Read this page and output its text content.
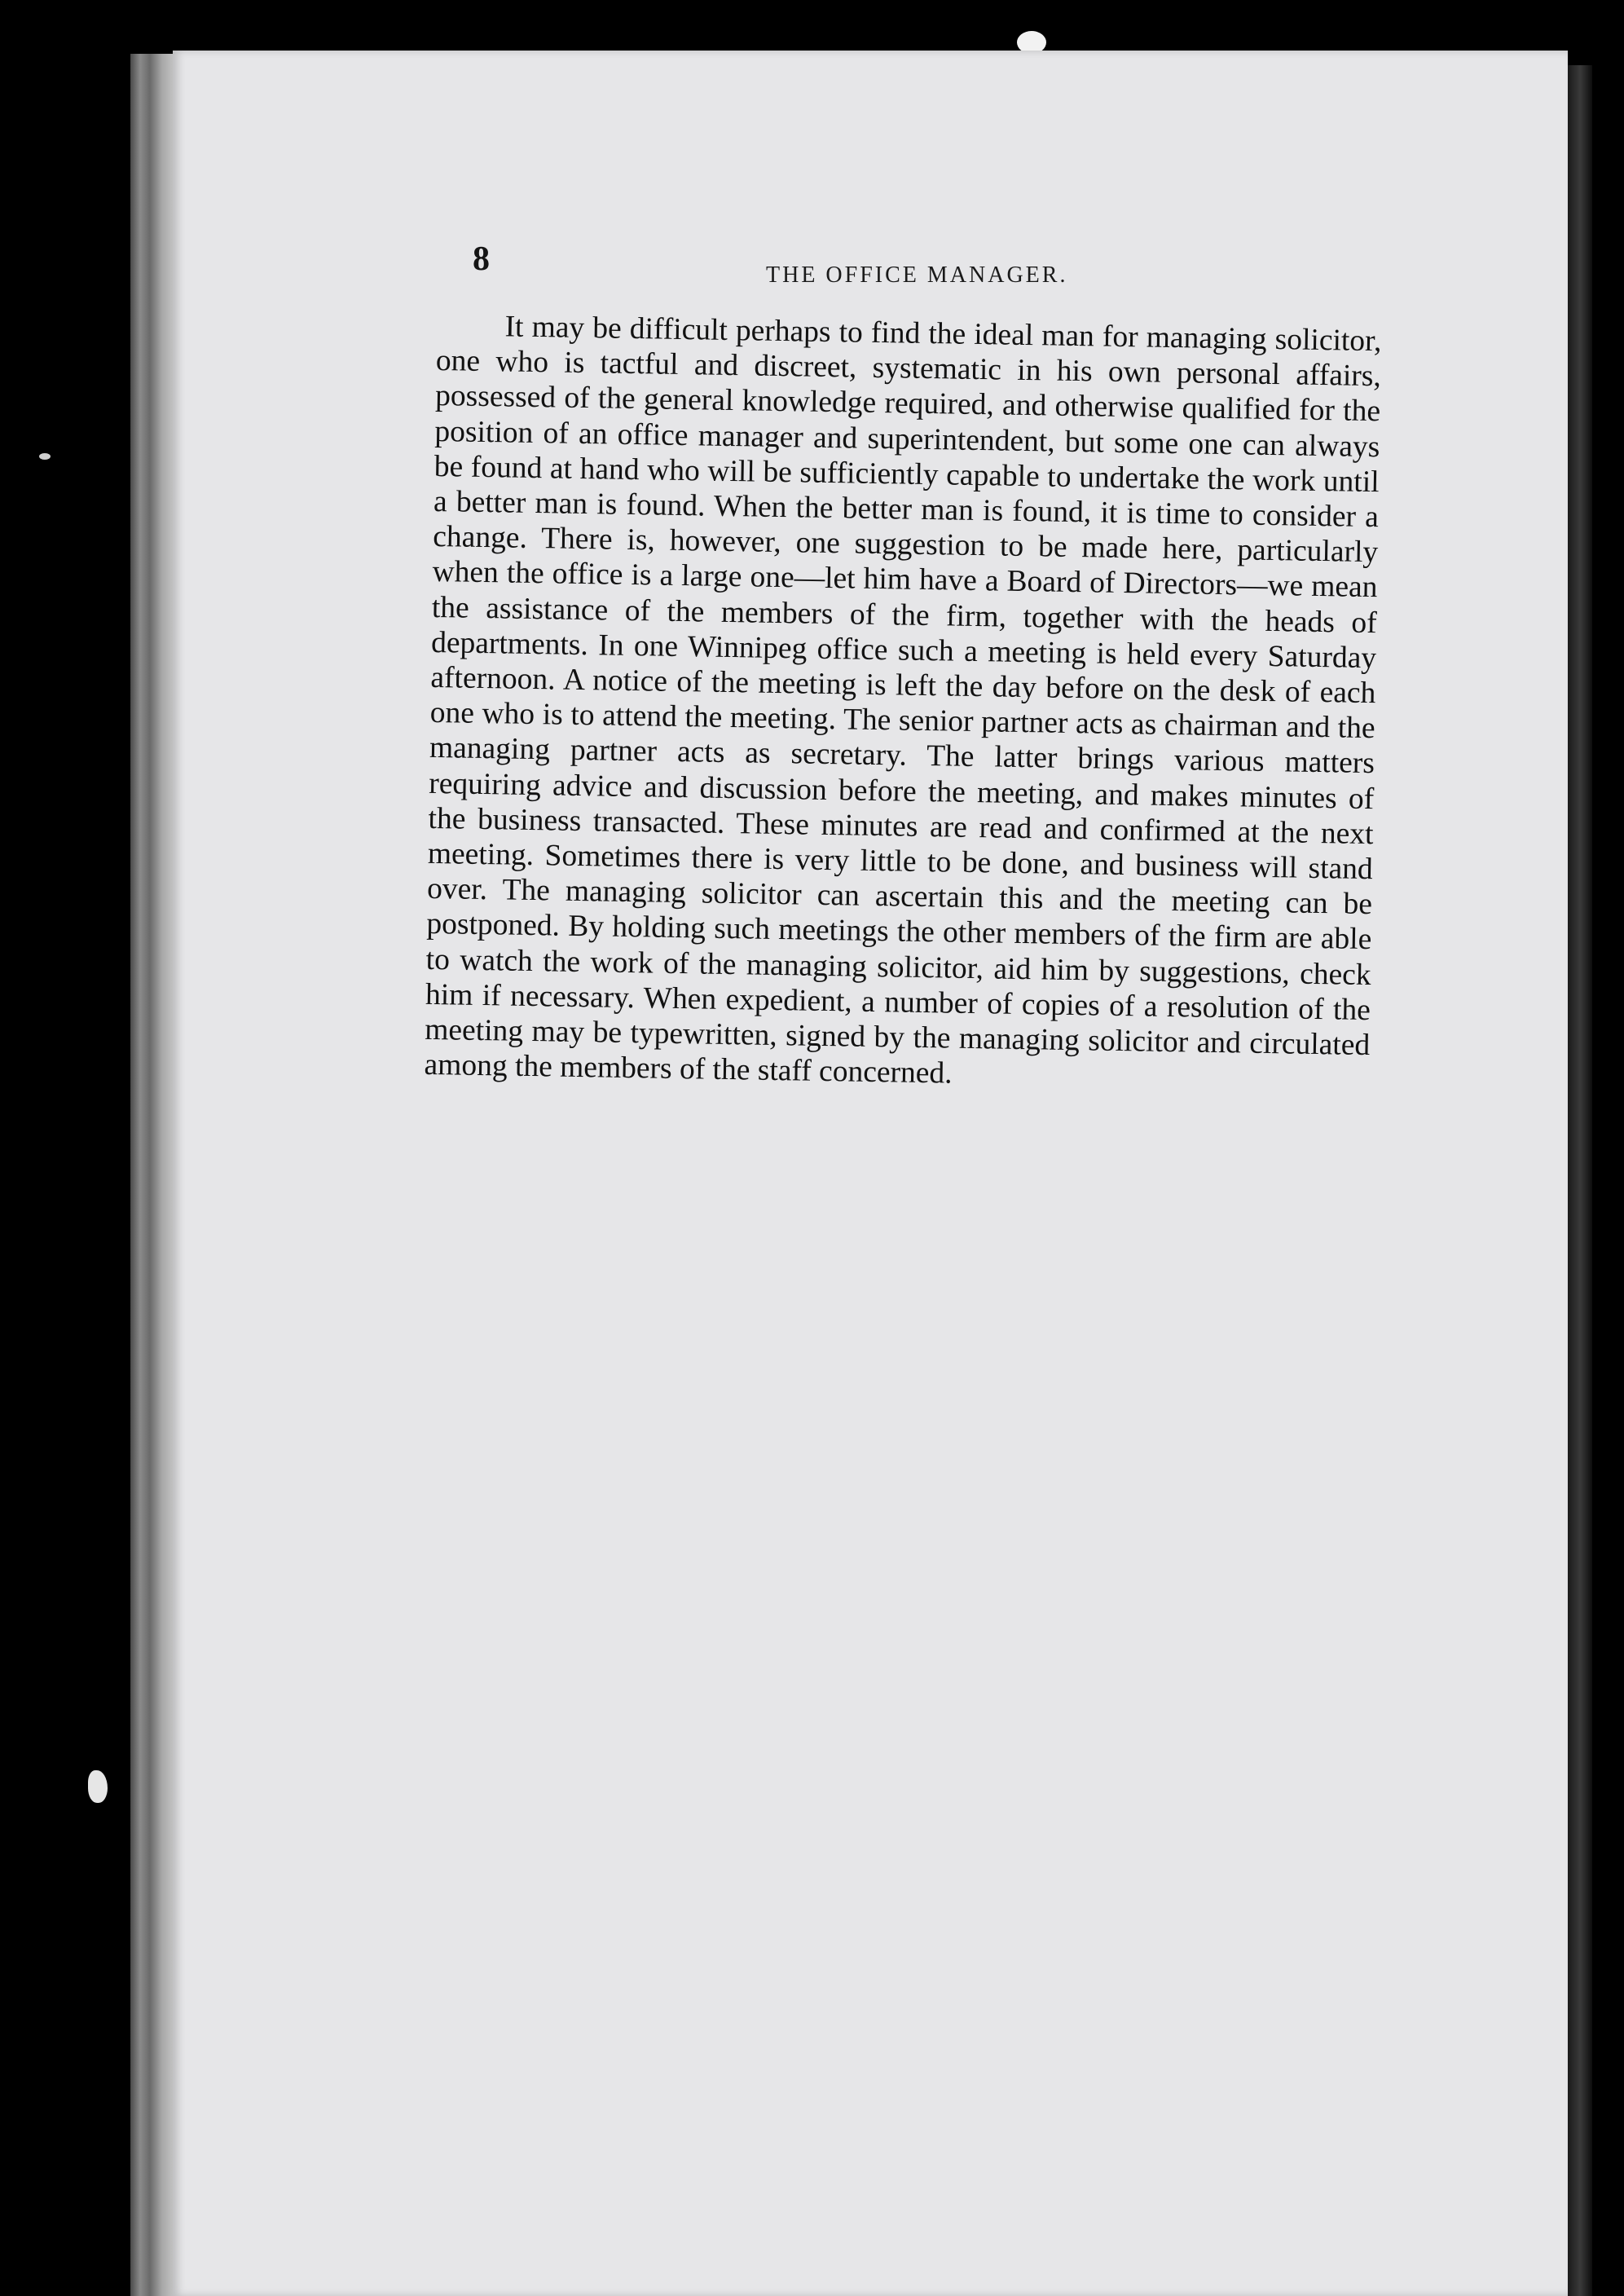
8	THE OFFICE MANAGER.

It may be difficult perhaps to find the ideal man for managing solicitor, one who is tactful and discreet, systematic in his own personal affairs, possessed of the general knowledge required, and otherwise qualified for the position of an office manager and superintendent, but some one can always be found at hand who will be sufficiently capable to undertake the work until a better man is found. When the better man is found, it is time to consider a change. There is, however, one suggestion to be made here, particularly when the office is a large one—let him have a Board of Directors—we mean the assistance of the members of the firm, together with the heads of departments. In one Winnipeg office such a meeting is held every Saturday afternoon. A notice of the meeting is left the day before on the desk of each one who is to attend the meeting. The senior partner acts as chairman and the managing partner acts as secretary. The latter brings various matters requiring advice and discussion before the meeting, and makes minutes of the business transacted. These minutes are read and confirmed at the next meeting. Sometimes there is very little to be done, and business will stand over. The managing solicitor can ascertain this and the meeting can be postponed. By holding such meetings the other members of the firm are able to watch the work of the managing solicitor, aid him by suggestions, check him if necessary. When expedient, a number of copies of a resolution of the meeting may be typewritten, signed by the managing solicitor and circulated among the members of the staff concerned.
